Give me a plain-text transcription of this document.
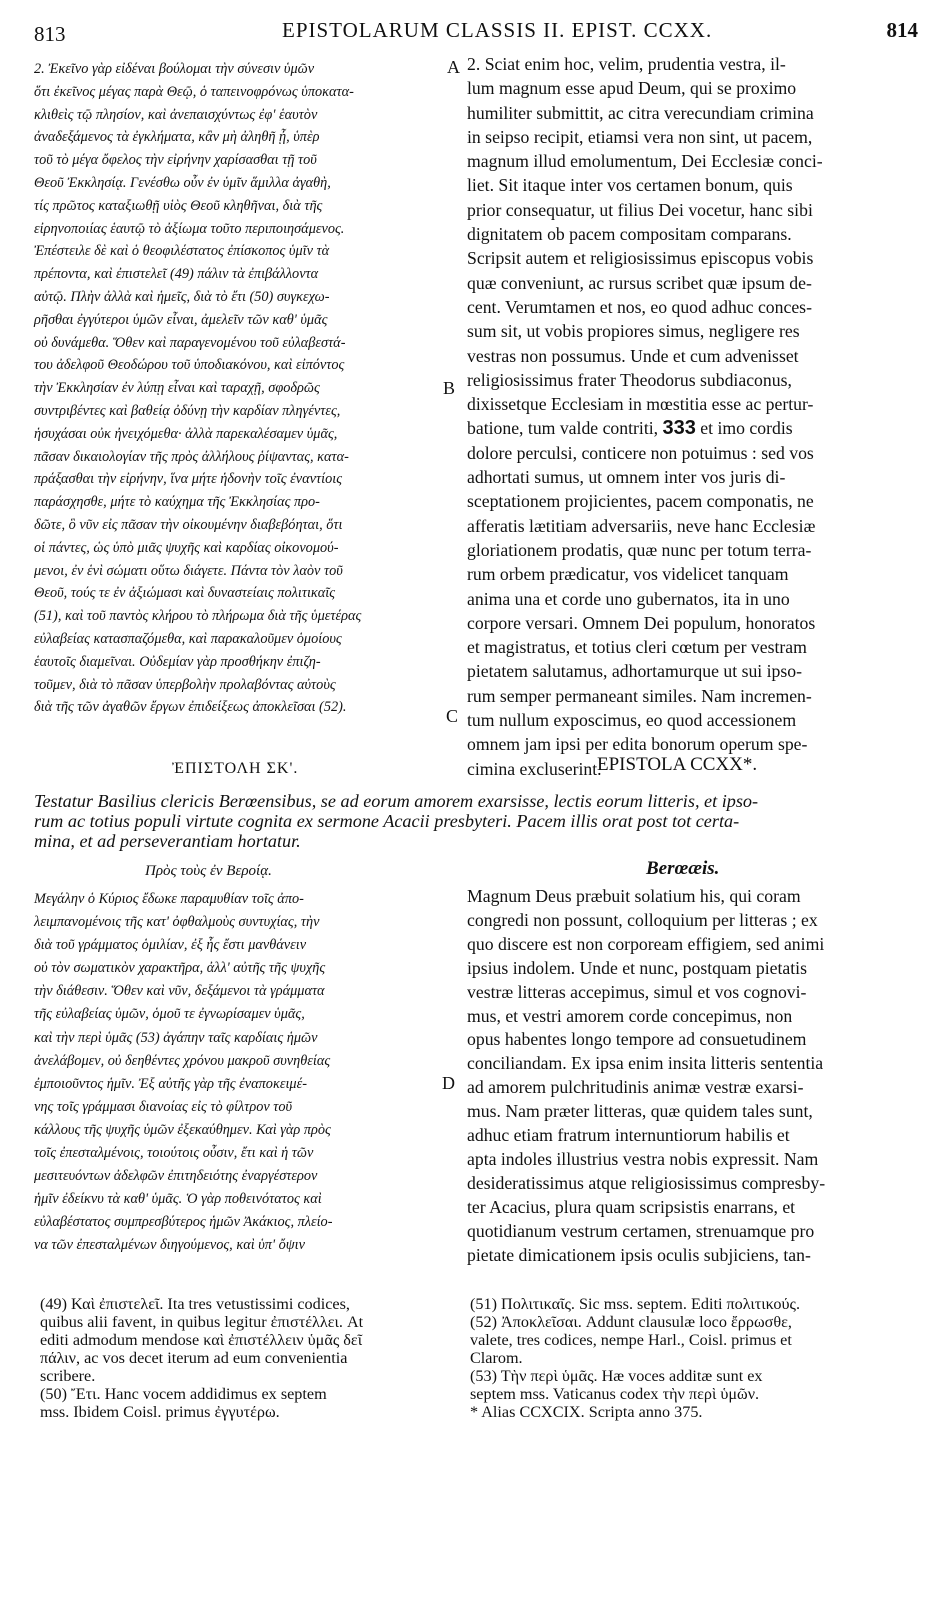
813	EPISTOLARUM CLASSIS II. EPIST. CCXX.	814
2. Ἐκεῖνο γὰρ εἰδέναι βούλομαι τὴν σύνεσιν ὑμῶν
ὅτι ἐκεῖνος μέγας παρὰ Θεῷ, ὁ ταπεινοφρόνως ὑποκατα-
κλιθεὶς τῷ πλησίον, καὶ ἀνεπαισχύντως ἐφ' ἑαυτὸν
ἀναδεξάμενος τὰ ἐγκλήματα, κἂν μὴ ἀληθῆ ᾖ, ὑπὲρ
τοῦ τὸ μέγα ὄφελος τὴν εἰρήνην χαρίσασθαι τῇ τοῦ
Θεοῦ Ἐκκλησίᾳ. Γενέσθω οὖν ἐν ὑμῖν ἅμιλλα ἀγαθὴ,
τίς πρῶτος καταξιωθῇ υἱὸς Θεοῦ κληθῆναι, διὰ τῆς
εἰρηνοποιίας ἑαυτῷ τὸ ἀξίωμα τοῦτο περιποιησάμενος.
Ἐπέστειλε δὲ καὶ ὁ θεοφιλέστατος ἐπίσκοπος ὑμῖν τὰ
πρέποντα, καὶ ἐπιστελεῖ (49) πάλιν τὰ ἐπιβάλλοντα
αὐτῷ. Πλὴν ἀλλὰ καὶ ἡμεῖς, διὰ τὸ ἔτι (50) συγκεχω-
ρῆσθαι ἐγγύτεροι ὑμῶν εἶναι, ἀμελεῖν τῶν καθ' ὑμᾶς
οὐ δυνάμεθα. Ὅθεν καὶ παραγενομένου τοῦ εὐλαβεστά-
του ἀδελφοῦ Θεοδώρου τοῦ ὑποδιακόνου, καὶ εἰπόντος
τὴν Ἐκκλησίαν ἐν λύπῃ εἶναι καὶ ταραχῇ, σφοδρῶς
συντριβέντες καὶ βαθείᾳ ὀδύνῃ τὴν καρδίαν πληγέντες,
ἡσυχάσαι οὐκ ἠνειχόμεθα· ἀλλὰ παρεκαλέσαμεν ὑμᾶς,
πᾶσαν δικαιολογίαν τῆς πρὸς ἀλλήλους ῥίψαντας, κατα-
πράξασθαι τὴν εἰρήνην, ἵνα μήτε ἡδονὴν τοῖς ἐναντίοις
παράσχησθε, μήτε τὸ καύχημα τῆς Ἐκκλησίας προ-
δῶτε, ὃ νῦν εἰς πᾶσαν τὴν οἰκουμένην διαβεβόηται, ὅτι
οἱ πάντες, ὡς ὑπὸ μιᾶς ψυχῆς καὶ καρδίας οἰκονομού-
μενοι, ἐν ἑνὶ σώματι οὕτω διάγετε. Πάντα τὸν λαὸν τοῦ
Θεοῦ, τούς τε ἐν ἀξιώμασι καὶ δυναστείαις πολιτικαῖς
(51), καὶ τοῦ παντὸς κλήρου τὸ πλήρωμα διὰ τῆς ὑμετέρας
εὐλαβείας κατασπαζόμεθα, καὶ παρακαλοῦμεν ὁμοίους
ἑαυτοῖς διαμεῖναι. Οὐδεμίαν γὰρ προσθήκην ἐπιζη-
τοῦμεν, διὰ τὸ πᾶσαν ὑπερβολὴν προλαβόντας αὐτοὺς
διὰ τῆς τῶν ἀγαθῶν ἔργων ἐπιδείξεως ἀποκλεῖσαι (52).
2. Sciat enim hoc, velim, prudentia vestra, il-
lum magnum esse apud Deum, qui se proximo
humiliter submittit, ac citra verecundiam crimina
in seipso recipit, etiamsi vera non sint, ut pacem,
magnum illud emolumentum, Dei Ecclesiæ conci-
liet. Sit itaque inter vos certamen bonum, quis
prior consequatur, ut filius Dei vocetur, hanc sibi
dignitatem ob pacem compositam comparans.
Scripsit autem et religiosissimus episcopus vobis
quæ conveniunt, ac rursus scribet quæ ipsum de-
cent. Verumtamen et nos, eo quod adhuc conces-
sum sit, ut vobis propiores simus, negligere res
vestras non possumus. Unde et cum advenisset
religiosissimus frater Theodorus subdiaconus,
dixissetque Ecclesiam in mœstitia esse ac pertur-
batione, tum valde contriti, 333 et imo cordis
dolore perculsi, conticere non potuimus : sed vos
adhortati sumus, ut omnem inter vos juris di-
sceptationem projicientes, pacem componatis, ne
afferatis lætitiam adversariis, neve hanc Ecclesiæ
gloriationem prodatis, quæ nunc per totum terra-
rum orbem prædicatur, vos videlicet tanquam
anima una et corde uno gubernatos, ita in uno
corpore versari. Omnem Dei populum, honoratos
et magistratus, et totius cleri cœtum per vestram
pietatem salutamus, adhortamurque ut sui ipso-
rum semper permaneant similes. Nam incremen-
tum nullum exposcimus, eo quod accessionem
omnem jam ipsi per edita bonorum operum spe-
cimina excluserint.
A
B
C
D
ἘΠΙΣΤΟΛΗ ΣΚ'.	EPISTOLA CCXX*.
Testatur Basilius clericis Berœensibus, se ad eorum amorem exarsisse, lectis eorum litteris, et ipso-
rum ac totius populi virtute cognita ex sermone Acacii presbyteri. Pacem illis orat post tot certa-
mina, et ad perseverantiam hortatur.
Πρὸς τοὺς ἐν Βεροίᾳ.	Berœæis.
Μεγάλην ὁ Κύριος ἔδωκε παραμυθίαν τοῖς ἀπο-
λειμπανομένοις τῆς κατ' ὀφθαλμοὺς συντυχίας, τὴν
διὰ τοῦ γράμματος ὁμιλίαν, ἐξ ἧς ἔστι μανθάνειν
οὐ τὸν σωματικὸν χαρακτῆρα, ἀλλ' αὐτῆς τῆς ψυχῆς
τὴν διάθεσιν. Ὅθεν καὶ νῦν, δεξάμενοι τὰ γράμματα
τῆς εὐλαβείας ὑμῶν, ὁμοῦ τε ἐγνωρίσαμεν ὑμᾶς,
καὶ τὴν περὶ ὑμᾶς (53) ἀγάπην ταῖς καρδίαις ἡμῶν
ἀνελάβομεν, οὐ δεηθέντες χρόνου μακροῦ συνηθείας
ἐμποιοῦντος ἡμῖν. Ἐξ αὐτῆς γὰρ τῆς ἐναποκειμέ-
νης τοῖς γράμμασι διανοίας εἰς τὸ φίλτρον τοῦ
κάλλους τῆς ψυχῆς ὑμῶν ἐξεκαύθημεν. Καὶ γὰρ πρὸς
τοῖς ἐπεσταλμένοις, τοιούτοις οὖσιν, ἔτι καὶ ἡ τῶν
μεσιτευόντων ἀδελφῶν ἐπιτηδειότης ἐναργέστερον
ἡμῖν ἐδείκνυ τὰ καθ' ὑμᾶς. Ὁ γὰρ ποθεινότατος καὶ
εὐλαβέστατος συμπρεσβύτερος ἡμῶν Ἀκάκιος, πλείο-
να τῶν ἐπεσταλμένων διηγούμενος, καὶ ὑπ' ὄψιν
Magnum Deus præbuit solatium his, qui coram
congredi non possunt, colloquium per litteras ; ex
quo discere est non corpoream effigiem, sed animi
ipsius indolem. Unde et nunc, postquam pietatis
vestræ litteras accepimus, simul et vos cognovi-
mus, et vestri amorem corde concepimus, non
opus habentes longo tempore ad consuetudinem
conciliandam. Ex ipsa enim insita litteris sententia
ad amorem pulchritudinis animæ vestræ exarsi-
mus. Nam præter litteras, quæ quidem tales sunt,
adhuc etiam fratrum internuntiorum habilis et
apta indoles illustrius vestra nobis expressit. Nam
desideratissimus atque religiosissimus compresby-
ter Acacius, plura quam scripsistis enarrans, et
quotidianum vestrum certamen, strenuamque pro
pietate dimicationem ipsis oculis subjiciens, tan-
(49) Καὶ ἐπιστελεῖ. Ita tres vetustissimi codices,
quibus alii favent, in quibus legitur ἐπιστέλλει. At
editi admodum mendose καὶ ἐπιστέλλειν ὑμᾶς δεῖ
πάλιν, ac vos decet iterum ad eum convenientia
scribere.
(50) Ἔτι. Hanc vocem addidimus ex septem
mss. Ibidem Coisl. primus ἐγγυτέρω.
(51) Πολιτικαῖς. Sic mss. septem. Editi πολιτικούς.
(52) Ἀποκλεῖσαι. Addunt clausulæ loco ἔρρωσθε,
valete, tres codices, nempe Harl., Coisl. primus et
Clarom.
(53) Τὴν περὶ ὑμᾶς. Hæ voces additæ sunt ex
septem mss. Vaticanus codex τὴν περὶ ὑμῶν.
* Alias CCXCIX. Scripta anno 375.
